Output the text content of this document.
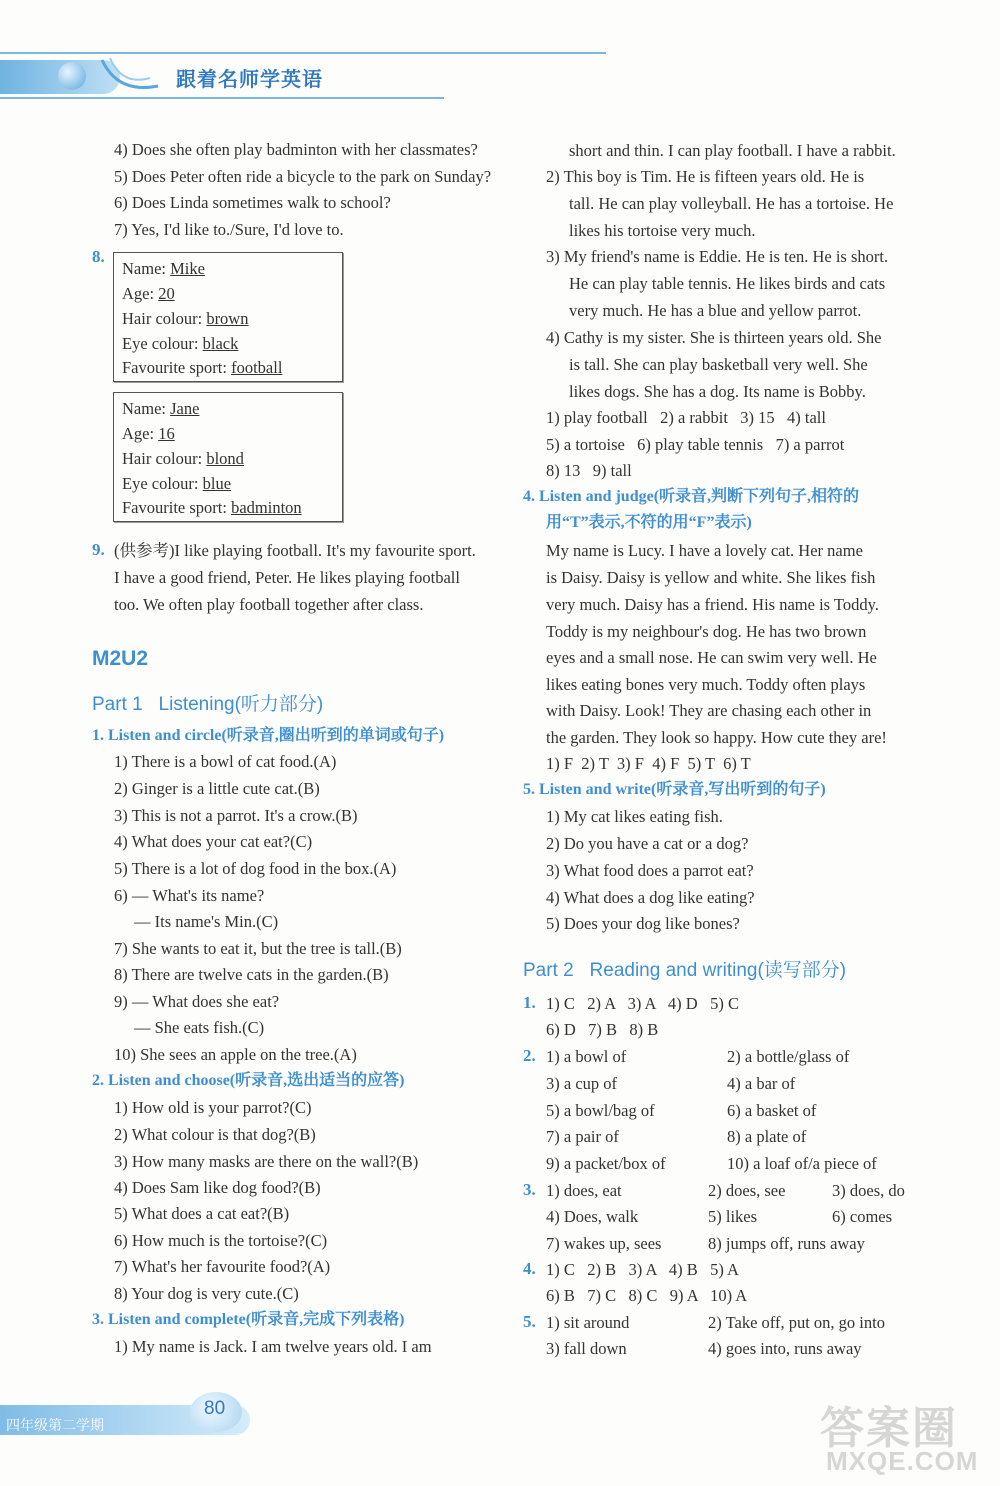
跟着名师学英语
4) Does she often play badminton with her classmates?
5) Does Peter often ride a bicycle to the park on Sunday?
6) Does Linda sometimes walk to school?
7) Yes, I'd like to./Sure, I'd love to.
8.
Name: Mike
Age: 20
Hair colour: brown
Eye colour: black
Favourite sport: football
Name: Jane
Age: 16
Hair colour: blond
Eye colour: blue
Favourite sport: badminton
9. (供参考)I like playing football. It's my favourite sport.
I have a good friend, Peter. He likes playing football
too. We often play football together after class.
M2U2
Part 1   Listening(听力部分)
1. Listen and circle(听录音,圈出听到的单词或句子)
1) There is a bowl of cat food.(A)
2) Ginger is a little cute cat.(B)
3) This is not a parrot. It's a crow.(B)
4) What does your cat eat?(C)
5) There is a lot of dog food in the box.(A)
6) — What's its name?
— Its name's Min.(C)
7) She wants to eat it, but the tree is tall.(B)
8) There are twelve cats in the garden.(B)
9) — What does she eat?
— She eats fish.(C)
10) She sees an apple on the tree.(A)
2. Listen and choose(听录音,选出适当的应答)
1) How old is your parrot?(C)
2) What colour is that dog?(B)
3) How many masks are there on the wall?(B)
4) Does Sam like dog food?(B)
5) What does a cat eat?(B)
6) How much is the tortoise?(C)
7) What's her favourite food?(A)
8) Your dog is very cute.(C)
3. Listen and complete(听录音,完成下列表格)
1) My name is Jack. I am twelve years old. I am
short and thin. I can play football. I have a rabbit.
2) This boy is Tim. He is fifteen years old. He is
tall. He can play volleyball. He has a tortoise. He
likes his tortoise very much.
3) My friend's name is Eddie. He is ten. He is short.
He can play table tennis. He likes birds and cats
very much. He has a blue and yellow parrot.
4) Cathy is my sister. She is thirteen years old. She
is tall. She can play basketball very well. She
likes dogs. She has a dog. Its name is Bobby.
1) play football   2) a rabbit   3) 15   4) tall
5) a tortoise   6) play table tennis   7) a parrot
8) 13   9) tall
4. Listen and judge(听录音,判断下列句子,相符的
用“T”表示,不符的用“F”表示)
My name is Lucy. I have a lovely cat. Her name
is Daisy. Daisy is yellow and white. She likes fish
very much. Daisy has a friend. His name is Toddy.
Toddy is my neighbour's dog. He has two brown
eyes and a small nose. He can swim very well. He
likes eating bones very much. Toddy often plays
with Daisy. Look! They are chasing each other in
the garden. They look so happy. How cute they are!
1) F  2) T  3) F  4) F  5) T  6) T
5. Listen and write(听录音,写出听到的句子)
1) My cat likes eating fish.
2) Do you have a cat or a dog?
3) What food does a parrot eat?
4) What does a dog like eating?
5) Does your dog like bones?
Part 2   Reading and writing(读写部分)
1. 1) C   2) A   3) A   4) D   5) C
6) D   7) B   8) B
2. 1) a bowl of	2) a bottle/glass of
3) a cup of	4) a bar of
5) a bowl/bag of	6) a basket of
7) a pair of	8) a plate of
9) a packet/box of	10) a loaf of/a piece of
3. 1) does, eat	2) does, see	3) does, do
4) Does, walk	5) likes	6) comes
7) wakes up, sees	8) jumps off, runs away
4. 1) C   2) B   3) A   4) B   5) A
6) B   7) C   8) C   9) A   10) A
5. 1) sit around	2) Take off, put on, go into
3) fall down	4) goes into, runs away
80
四年级第二学期	答案圈
MXQE.COM
